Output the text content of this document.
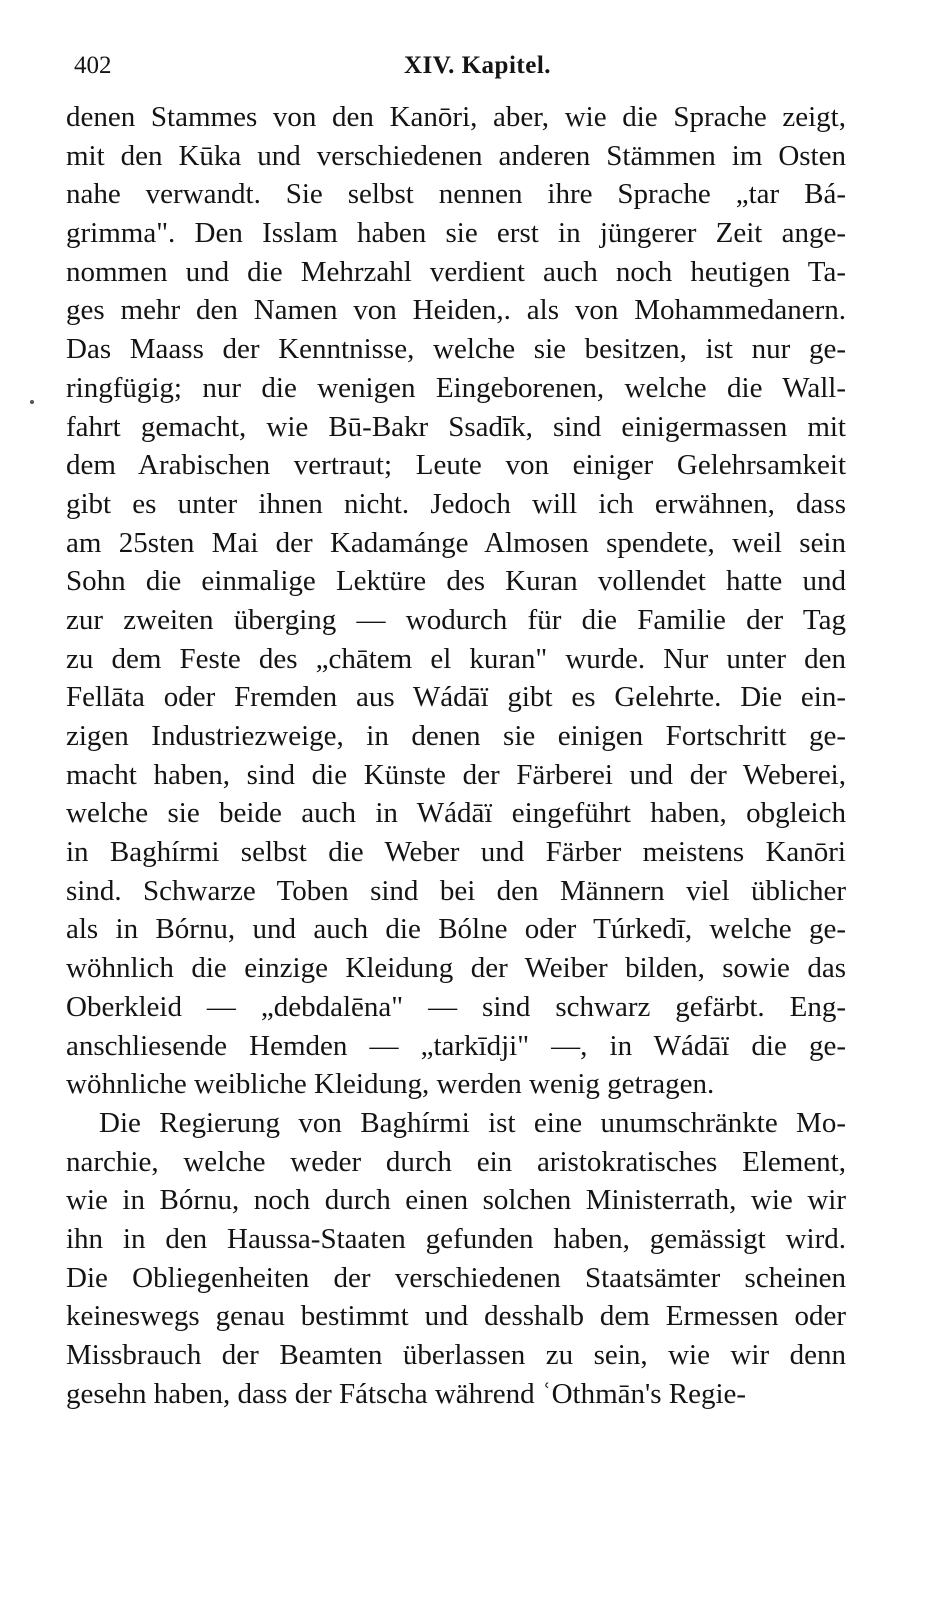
402	XIV. Kapitel.
denen Stammes von den Kanōri, aber, wie die Sprache zeigt,
mit den Kūka und verschiedenen anderen Stämmen im Osten
nahe verwandt. Sie selbst nennen ihre Sprache „tar Bá-
grimma". Den Isslam haben sie erst in jüngerer Zeit ange-
nommen und die Mehrzahl verdient auch noch heutigen Ta-
ges mehr den Namen von Heiden,. als von Mohammedanern.
Das Maass der Kenntnisse, welche sie besitzen, ist nur ge-
ringfügig; nur die wenigen Eingeborenen, welche die Wall-
fahrt gemacht, wie Bū-Bakr Ssadīk, sind einigermassen mit
dem Arabischen vertraut; Leute von einiger Gelehrsamkeit
gibt es unter ihnen nicht. Jedoch will ich erwähnen, dass
am 25sten Mai der Kadamánge Almosen spendete, weil sein
Sohn die einmalige Lektüre des Kuran vollendet hatte und
zur zweiten überging — wodurch für die Familie der Tag
zu dem Feste des „chātem el kuran" wurde. Nur unter den
Fellāta oder Fremden aus Wádāï gibt es Gelehrte. Die ein-
zigen Industriezweige, in denen sie einigen Fortschritt ge-
macht haben, sind die Künste der Färberei und der Weberei,
welche sie beide auch in Wádāï eingeführt haben, obgleich
in Baghírmi selbst die Weber und Färber meistens Kanōri
sind. Schwarze Toben sind bei den Männern viel üblicher
als in Bórnu, und auch die Bólne oder Túrkedī, welche ge-
wöhnlich die einzige Kleidung der Weiber bilden, sowie das
Oberkleid — „debdalēna" — sind schwarz gefärbt. Eng-
anschliesende Hemden — „tarkīdji" —, in Wádāï die ge-
wöhnliche weibliche Kleidung, werden wenig getragen.
Die Regierung von Baghírmi ist eine unumschränkte Mo-
narchie, welche weder durch ein aristokratisches Element,
wie in Bórnu, noch durch einen solchen Ministerrath, wie wir
ihn in den Haussa-Staaten gefunden haben, gemässigt wird.
Die Obliegenheiten der verschiedenen Staatsämter scheinen
keineswegs genau bestimmt und desshalb dem Ermessen oder
Missbrauch der Beamten überlassen zu sein, wie wir denn
gesehn haben, dass der Fátscha während ʿOthmān's Regie-
